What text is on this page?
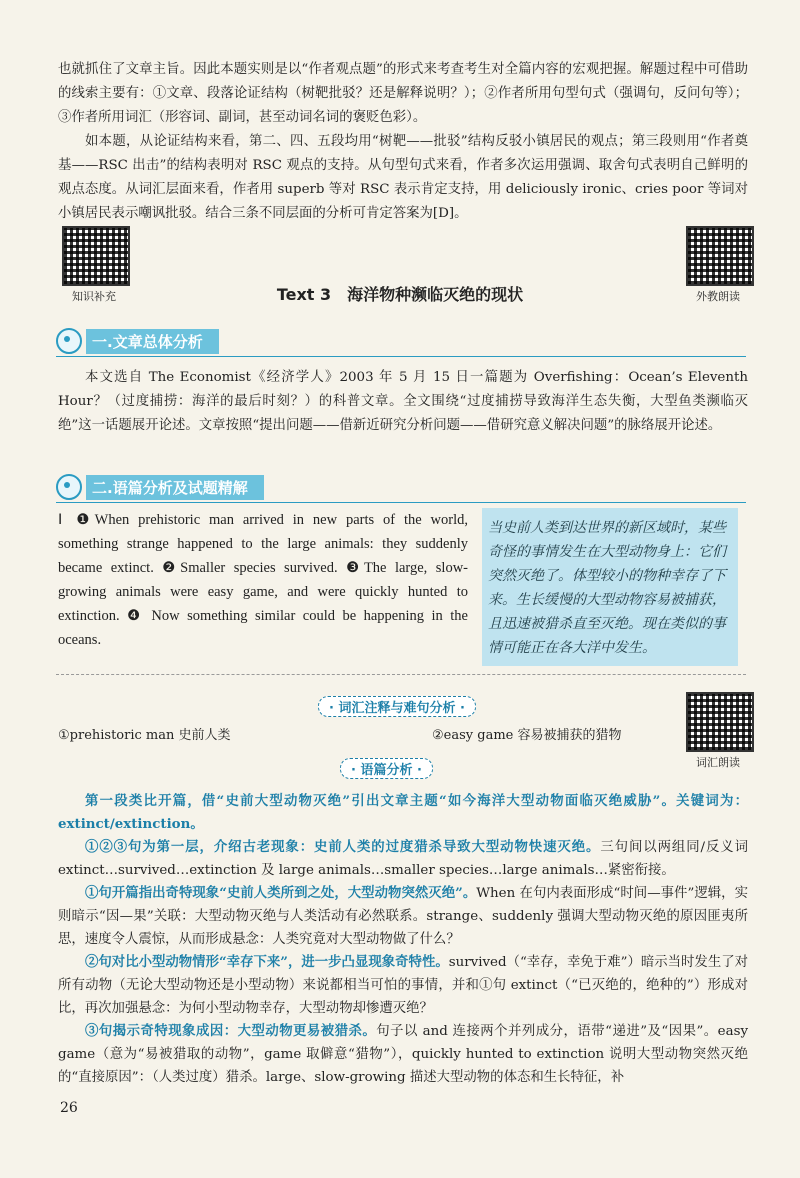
也就抓住了文章主旨。因此本题实则是以“作者观点题”的形式来考查考生对全篇内容的宏观把握。解题过程中可借助的线索主要有：①文章、段落论证结构（树靶批驳？还是解释说明？）；②作者所用句型句式（强调句，反问句等）；③作者所用词汇（形容词、副词，甚至动词名词的褒贬色彩）。
如本题，从论证结构来看，第二、四、五段均用“树靶——批驳”结构反驳小镇居民的观点；第三段则用“作者奠基——RSC 出击”的结构表明对 RSC 观点的支持。从句型句式来看，作者多次运用强调、取舍句式表明自己鲜明的观点态度。从词汇层面来看，作者用 superb 等对 RSC 表示肯定支持，用 deliciously ironic、cries poor 等词对小镇居民表示嘲讽批驳。结合三条不同层面的分析可肯定答案为[D]。
知识补充	外教朗读
Text 3　海洋物种濒临灭绝的现状
一.文章总体分析
本文选自 The Economist《经济学人》2003 年 5 月 15 日一篇题为 Overfishing：Ocean’s Eleventh Hour？（过度捕捞：海洋的最后时刻？）的科普文章。全文围绕“过度捕捞导致海洋生态失衡，大型鱼类濒临灭绝”这一话题展开论述。文章按照“提出问题——借新近研究分析问题——借研究意义解决问题”的脉络展开论述。
二.语篇分析及试题精解
Ⅰ ❶When prehistoric man arrived in new parts of the world, something strange happened to the large animals: they suddenly became extinct. ❷Smaller species survived. ❸The large, slow-growing animals were easy game, and were quickly hunted to extinction. ❹ Now something similar could be happening in the oceans.
当史前人类到达世界的新区域时，某些奇怪的事情发生在大型动物身上：它们突然灭绝了。体型较小的物种幸存了下来。生长缓慢的大型动物容易被捕获，且迅速被猎杀直至灭绝。现在类似的事情可能正在各大洋中发生。
· 词汇注释与难句分析 ·
①prehistoric man 史前人类	②easy game 容易被捕获的猎物
· 语篇分析 ·
词汇朗读

第一段类比开篇，借“史前大型动物灭绝”引出文章主题“如今海洋大型动物面临灭绝威胁”。关键词为：extinct/extinction。

①②③句为第一层，介绍古老现象：史前人类的过度猎杀导致大型动物快速灭绝。三句间以两组同/反义词 extinct…survived…extinction 及 large animals…smaller species…large animals…紧密衔接。

①句开篇指出奇特现象“史前人类所到之处，大型动物突然灭绝”。When 在句内表面形成“时间—事件”逻辑，实则暗示“因—果”关联：大型动物灭绝与人类活动有必然联系。strange、suddenly 强调大型动物灭绝的原因匪夷所思，速度令人震惊，从而形成悬念：人类究竟对大型动物做了什么？

②句对比小型动物情形“幸存下来”，进一步凸显现象奇特性。survived（“幸存，幸免于难”）暗示当时发生了对所有动物（无论大型动物还是小型动物）来说都相当可怕的事情，并和①句 extinct（“已灭绝的，绝种的”）形成对比，再次加强悬念：为何小型动物幸存，大型动物却惨遭灭绝？

③句揭示奇特现象成因：大型动物更易被猎杀。句子以 and 连接两个并列成分，语带“递进”及“因果”。easy game（意为“易被猎取的动物”，game 取僻意“猎物”），quickly hunted to extinction 说明大型动物突然灭绝的“直接原因”：（人类过度）猎杀。large、slow-growing 描述大型动物的体态和生长特征，补

26
